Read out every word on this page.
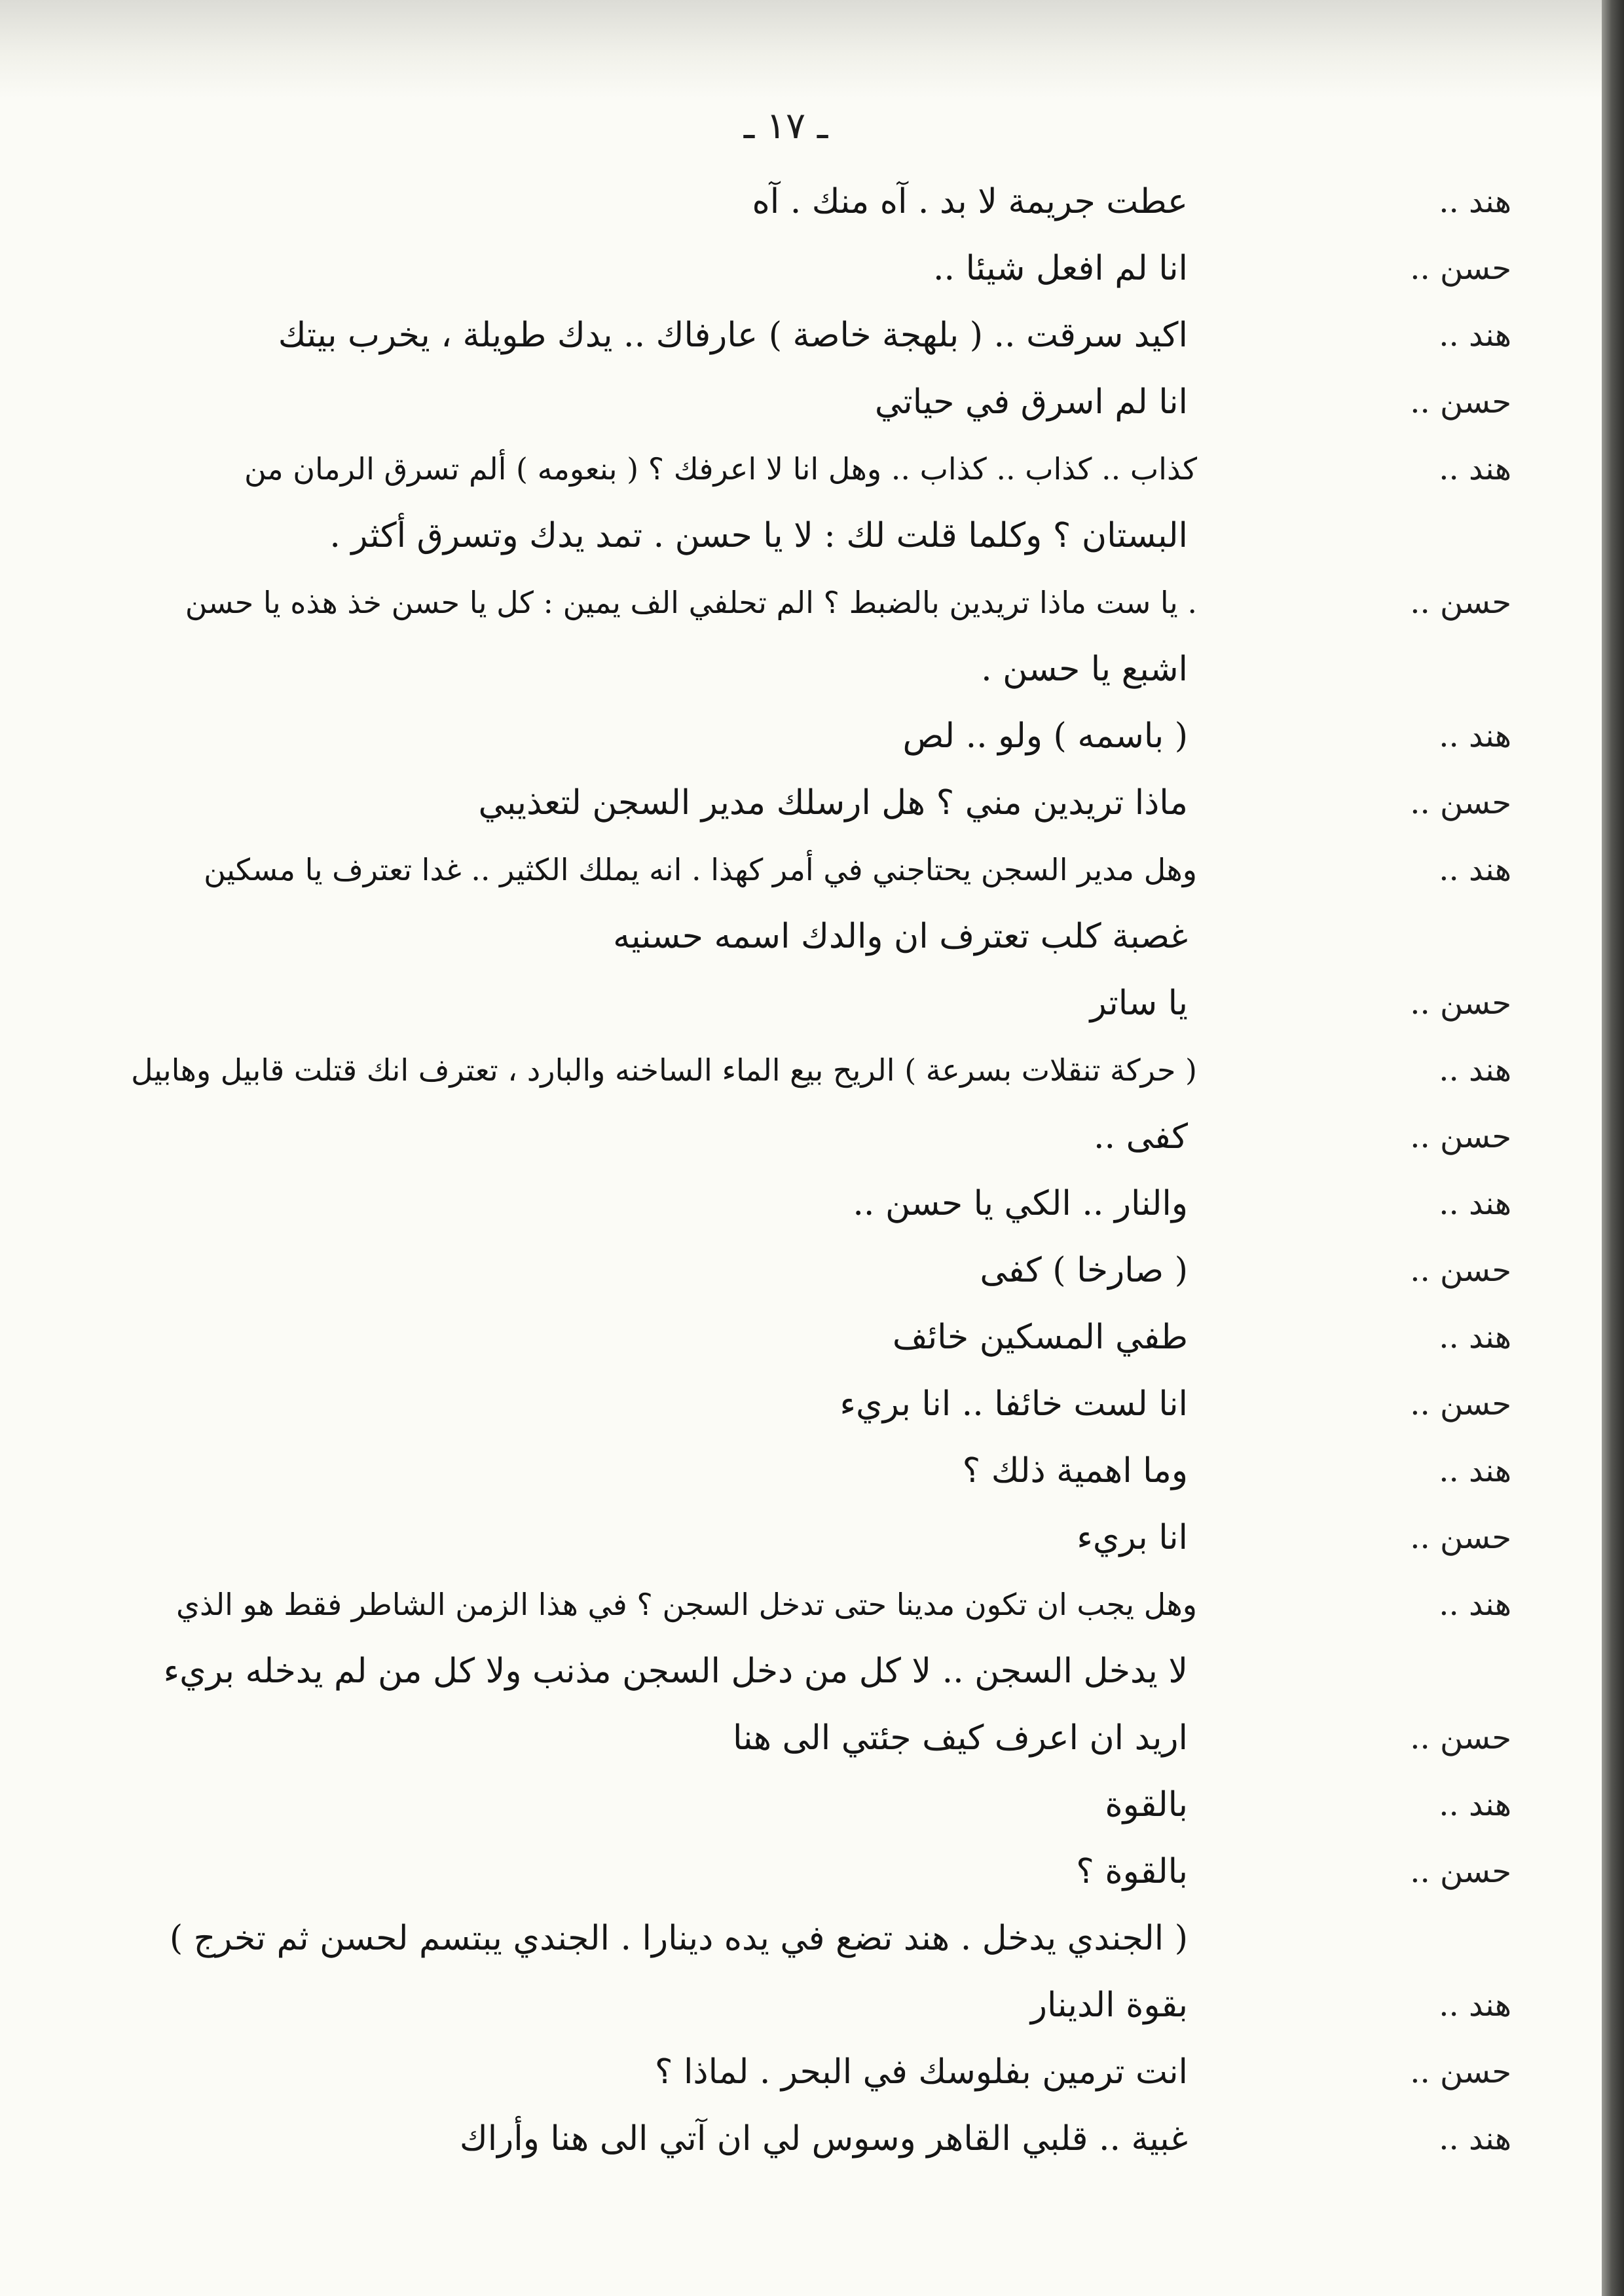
ـ ١٧ ـ
هند ..
عطت جريمة لا بد . آه منك . آه
حسن ..
انا لم افعل شيئا ..
هند ..
اكيد سرقت .. ( بلهجة خاصة ) عارفاك .. يدك طويلة ، يخرب بيتك
حسن ..
انا لم اسرق في حياتي
هند ..
كذاب .. كذاب .. كذاب .. وهل انا لا اعرفك ؟ ( بنعومه ) ألم تسرق الرمان من
البستان ؟ وكلما قلت لك : لا يا حسن . تمد يدك وتسرق أكثر .
حسن ..
. يا ست ماذا تريدين بالضبط ؟ الم تحلفي الف يمين : كل يا حسن خذ هذه يا حسن
اشبع يا حسن .
هند ..
( باسمه ) ولو .. لص
حسن ..
ماذا تريدين مني ؟ هل ارسلك مدير السجن لتعذيبي
هند ..
وهل مدير السجن يحتاجني في أمر كهذا . انه يملك الكثير .. غدا تعترف يا مسكين
غصبة كلب تعترف ان والدك اسمه حسنيه
حسن ..
يا ساتر
هند ..
( حركة تنقلات بسرعة ) الريح بيع الماء الساخنه والبارد ، تعترف انك قتلت قابيل وهابيل
حسن ..
كفى ..
هند ..
والنار .. الكي يا حسن ..
حسن ..
( صارخا ) كفى
هند ..
طفي المسكين خائف
حسن ..
انا لست خائفا .. انا بريء
هند ..
وما اهمية ذلك ؟
حسن ..
انا بريء
هند ..
وهل يجب ان تكون مدينا حتى تدخل السجن ؟ في هذا الزمن الشاطر فقط هو الذي
لا يدخل السجن .. لا كل من دخل السجن مذنب ولا كل من لم يدخله بريء
حسن ..
اريد ان اعرف كيف جئتي الى هنا
هند ..
بالقوة
حسن ..
بالقوة ؟
( الجندي يدخل . هند تضع في يده دينارا . الجندي يبتسم لحسن ثم تخرج )
هند ..
بقوة الدينار
حسن ..
انت ترمين بفلوسك في البحر . لماذا ؟
هند ..
غبية .. قلبي القاهر وسوس لي ان آتي الى هنا وأراك
